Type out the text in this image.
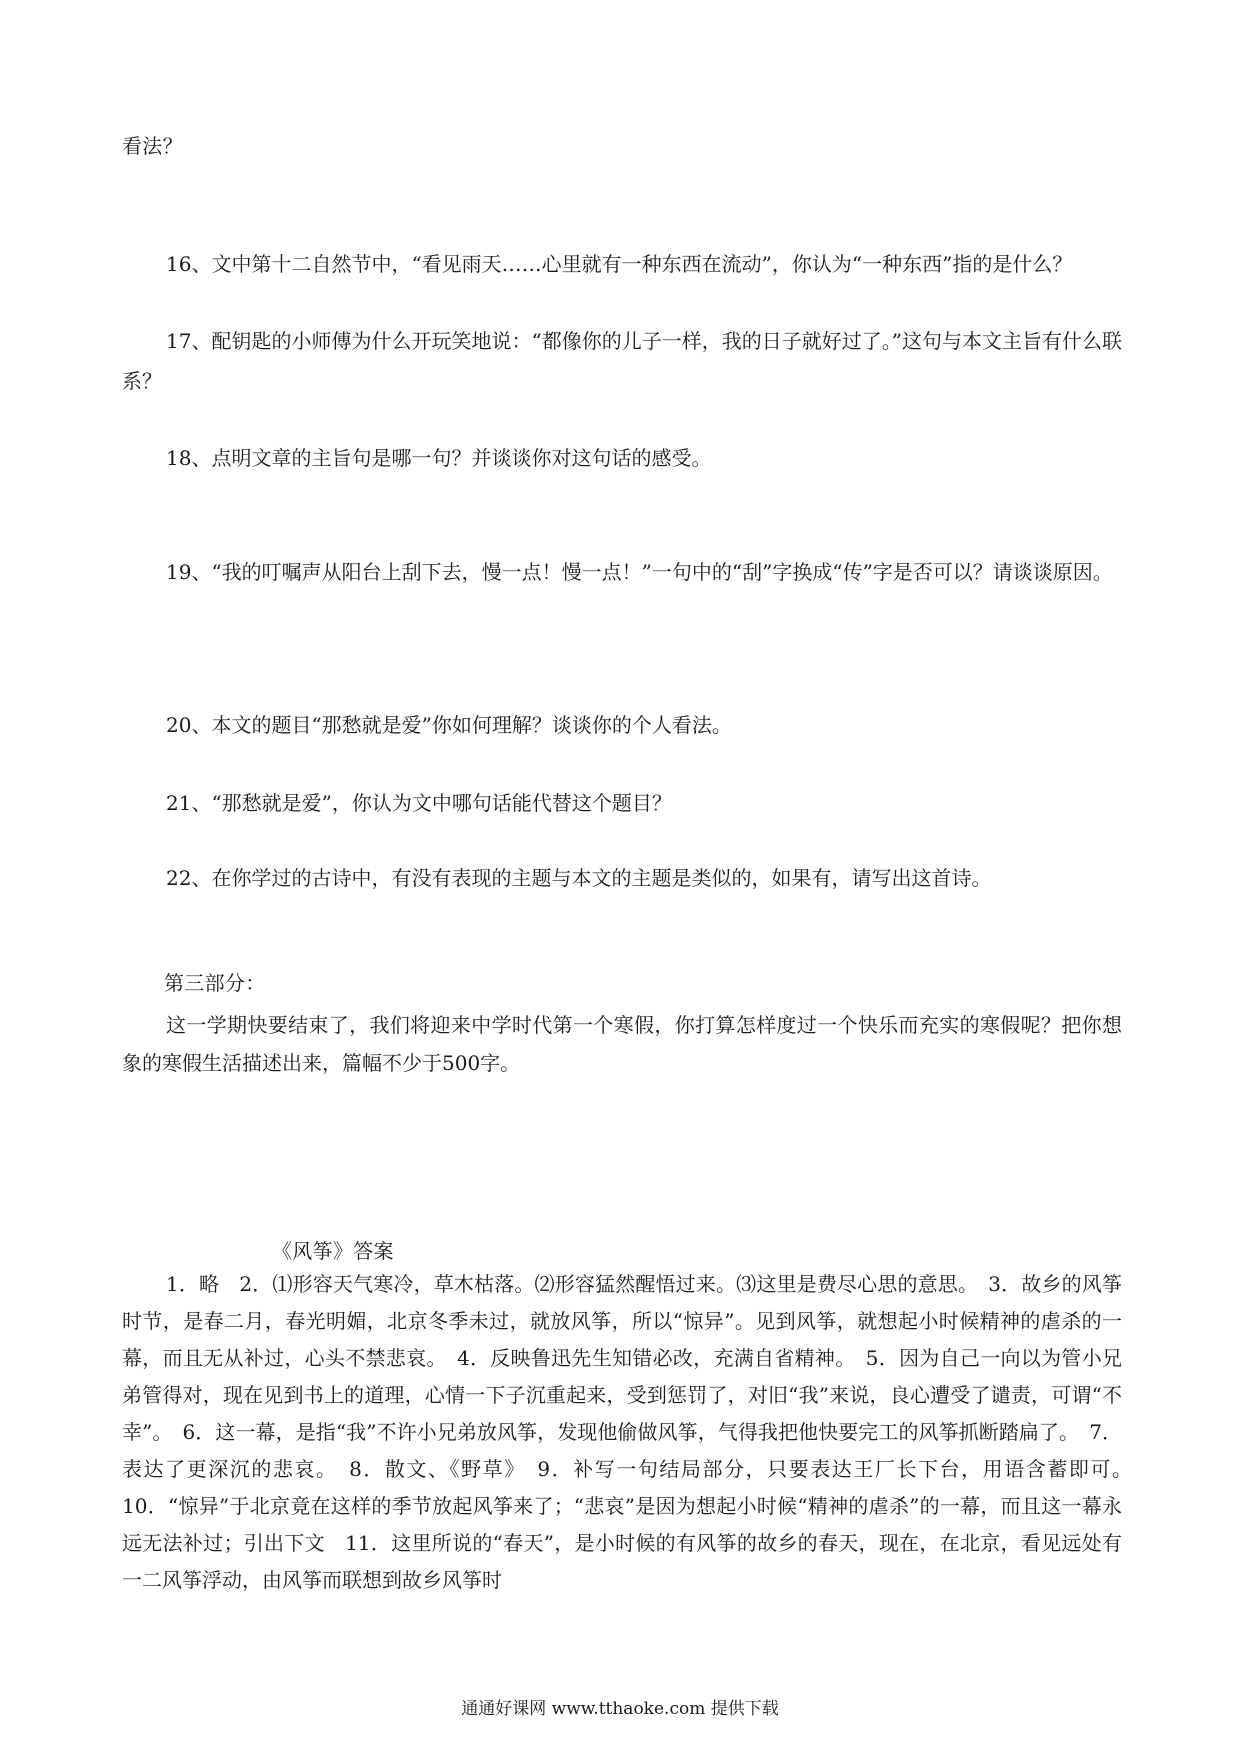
看法？
16、文中第十二自然节中，“看见雨天……心里就有一种东西在流动”，你认为“一种东西”指的是什么？
17、配钥匙的小师傅为什么开玩笑地说：“都像你的儿子一样，我的日子就好过了。”这句与本文主旨有什么联系？
18、点明文章的主旨句是哪一句？并谈谈你对这句话的感受。
19、“我的叮嘱声从阳台上刮下去，慢一点！慢一点！”一句中的“刮”字换成“传”字是否可以？请谈谈原因。
20、本文的题目“那愁就是爱”你如何理解？谈谈你的个人看法。
21、“那愁就是爱”，你认为文中哪句话能代替这个题目？
22、在你学过的古诗中，有没有表现的主题与本文的主题是类似的，如果有，请写出这首诗。
第三部分：
这一学期快要结束了，我们将迎来中学时代第一个寒假，你打算怎样度过一个快乐而充实的寒假呢？把你想象的寒假生活描述出来，篇幅不少于500字。
《风筝》答案
1．略　2．⑴形容天气寒冷，草木枯落。⑵形容猛然醒悟过来。⑶这里是费尽心思的意思。　3．故乡的风筝时节，是春二月，春光明媚，北京冬季未过，就放风筝，所以“惊异”。见到风筝，就想起小时候精神的虐杀的一幕，而且无从补过，心头不禁悲哀。　4．反映鲁迅先生知错必改，充满自省精神。　5．因为自己一向以为管小兄弟管得对，现在见到书上的道理，心情一下子沉重起来，受到惩罚了，对旧“我”来说，良心遭受了谴责，可谓“不幸”。　6．这一幕，是指“我”不许小兄弟放风筝，发现他偷做风筝，气得我把他快要完工的风筝抓断踏扁了。　7．表达了更深沉的悲哀。　8．散文、《野草》　9．补写一句结局部分，只要表达王厂长下台，用语含蓄即可。　10．“惊异”于北京竟在这样的季节放起风筝来了；“悲哀”是因为想起小时候“精神的虐杀”的一幕，而且这一幕永远无法补过；引出下文　11．这里所说的“春天”，是小时候的有风筝的故乡的春天，现在，在北京，看见远处有一二风筝浮动，由风筝而联想到故乡风筝时
通通好课网 www.tthaoke.com 提供下载
